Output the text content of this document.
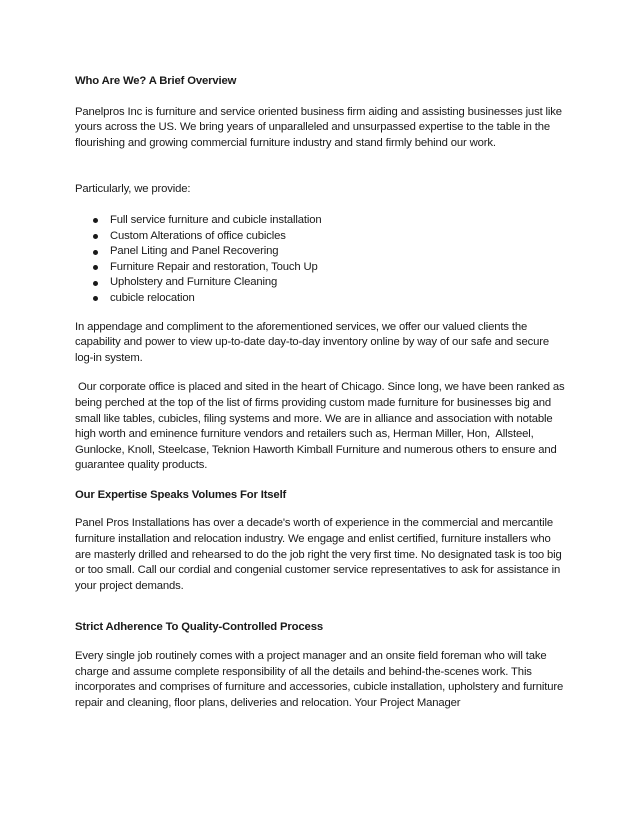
Who Are We? A Brief Overview

Panelpros Inc is furniture and service oriented business firm aiding and assisting businesses just like yours across the US. We bring years of unparalleled and unsurpassed expertise to the table in the flourishing and growing commercial furniture industry and stand firmly behind our work.

Particularly, we provide:

Full service furniture and cubicle installation
Custom Alterations of office cubicles
Panel Liting and Panel Recovering
Furniture Repair and restoration, Touch Up
Upholstery and Furniture Cleaning
cubicle relocation

In appendage and compliment to the aforementioned services, we offer our valued clients the capability and power to view up-to-date day-to-day inventory online by way of our safe and secure log-in system.

Our corporate office is placed and sited in the heart of Chicago. Since long, we have been ranked as being perched at the top of the list of firms providing custom made furniture for businesses big and small like tables, cubicles, filing systems and more. We are in alliance and association with notable high worth and eminence furniture vendors and retailers such as, Herman Miller, Hon,  Allsteel,  Gunlocke, Knoll, Steelcase, Teknion Haworth Kimball Furniture and numerous others to ensure and guarantee quality products.

Our Expertise Speaks Volumes For Itself

Panel Pros Installations has over a decade's worth of experience in the commercial and mercantile furniture installation and relocation industry. We engage and enlist certified, furniture installers who are masterly drilled and rehearsed to do the job right the very first time. No designated task is too big or too small. Call our cordial and congenial customer service representatives to ask for assistance in your project demands.

Strict Adherence To Quality-Controlled Process

Every single job routinely comes with a project manager and an onsite field foreman who will take charge and assume complete responsibility of all the details and behind-the-scenes work. This incorporates and comprises of furniture and accessories, cubicle installation, upholstery and furniture repair and cleaning, floor plans, deliveries and relocation. Your Project Manager
